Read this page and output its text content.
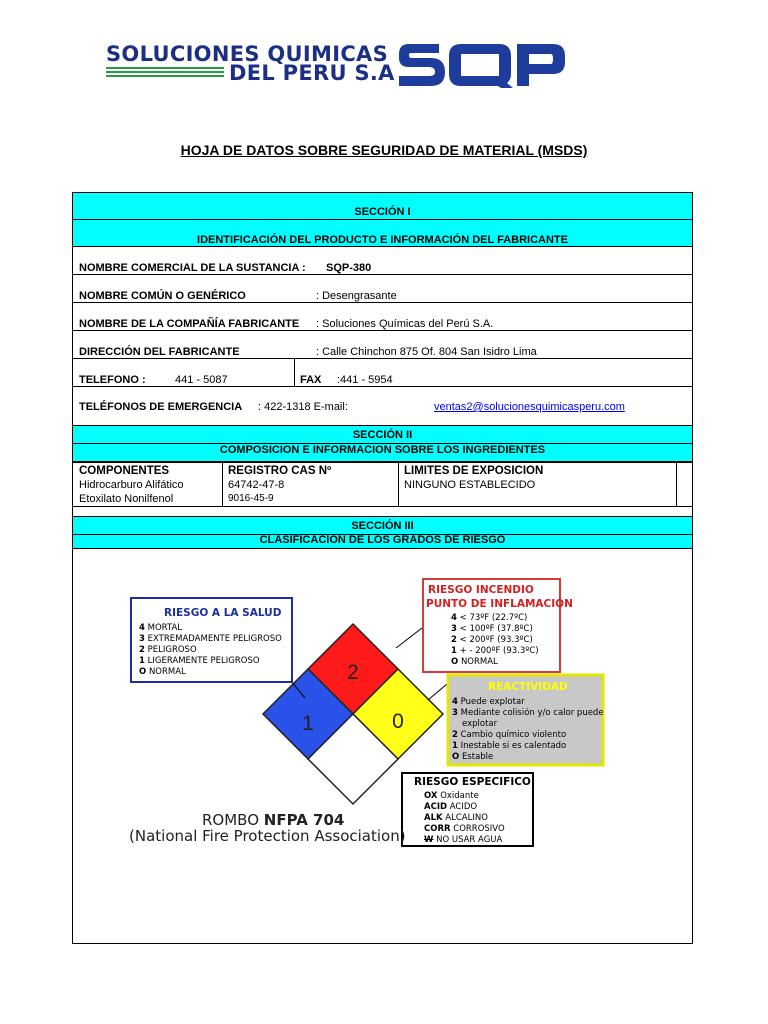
SOLUCIONES QUIMICAS
DEL PERU S.A
HOJA DE DATOS SOBRE SEGURIDAD DE MATERIAL (MSDS)
SECCIÓN I
IDENTIFICACIÓN DEL PRODUCTO E INFORMACIÓN DEL FABRICANTE
NOMBRE COMERCIAL DE LA SUSTANCIA : SQP-380
NOMBRE COMÚN O GENÉRICO	: Desengrasante
NOMBRE DE LA COMPAÑÍA FABRICANTE : Soluciones Químicas del Perú S.A.
DIRECCIÓN DEL FABRICANTE	: Calle Chinchon 875 Of. 804 San Isidro Lima
TELEFONO :	441 - 5087	FAX :441 - 5954
TELÉFONOS DE EMERGENCIA : 422-1318 E-mail:	ventas2@solucionesquimicasperu.com
SECCIÓN II
COMPOSICION E INFORMACION SOBRE LOS INGREDIENTES
COMPONENTES	REGISTRO CAS Nº	LIMITES DE EXPOSICION
Hidrocarburo Alifático	64742-47-8	NINGUNO ESTABLECIDO
Etoxilato Nonilfenol	9016-45-9
SECCIÓN III
CLASIFICACION DE LOS GRADOS DE RIESGO
2
1	0
ROMBO NFPA 704
(National Fire Protection Association)
RIESGO A LA SALUD
4 MORTAL
3 EXTREMADAMENTE PELIGROSO
2 PELIGROSO
1 LIGERAMENTE PELIGROSO
O NORMAL
RIESGO INCENDIO
PUNTO DE INFLAMACIÓN
4 < 73ºF (22.7ºC)
3 < 100ºF (37.8ºC)
2 < 200ºF (93.3ºC)
1 + - 200ºF (93.3ºC)
O NORMAL
REACTIVIDAD
4 Puede explotar
3 Mediante colisión y/o calor puede
explotar
2 Cambio químico violento
1 Inestable si es calentado
O Estable
RIESGO ESPECIFICO
OX Oxidante
ACID ACIDO
ALK ALCALINO
CORR CORROSIVO
W NO USAR AGUA
